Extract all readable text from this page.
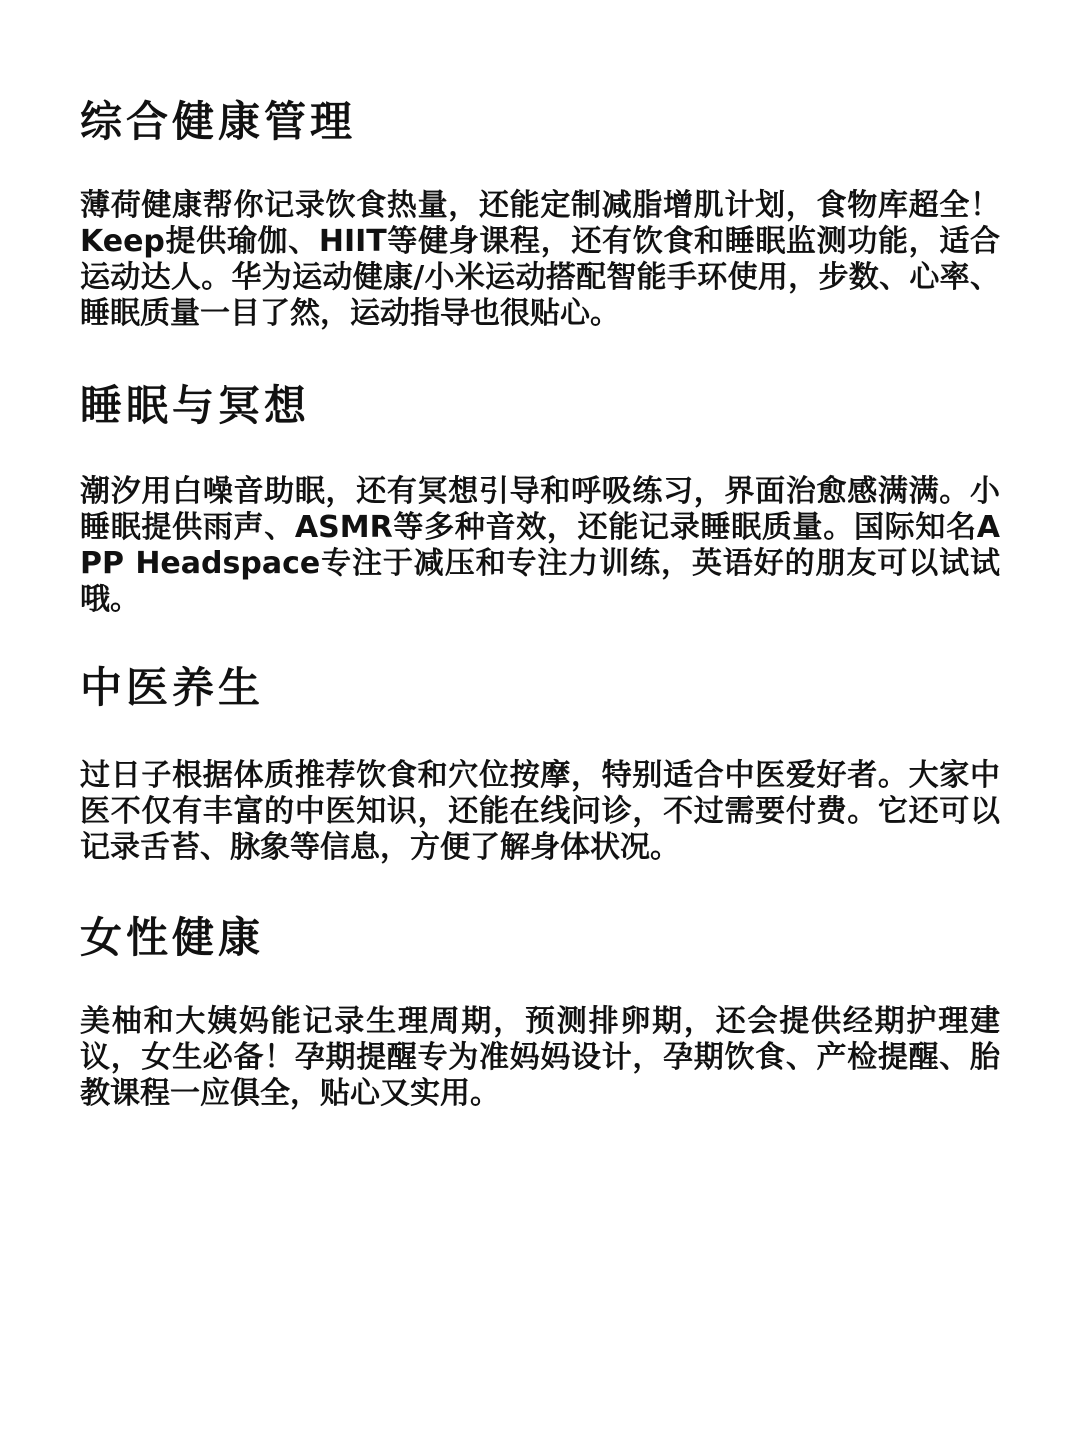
综合健康管理

薄荷健康帮你记录饮食热量，还能定制减脂增肌计划，食物库超全！Keep提供瑜伽、HIIT等健身课程，还有饮食和睡眠监测功能，适合运动达人。华为运动健康/小米运动搭配智能手环使用，步数、心率、睡眠质量一目了然，运动指导也很贴心。

睡眠与冥想

潮汐用白噪音助眠，还有冥想引导和呼吸练习，界面治愈感满满。小睡眠提供雨声、ASMR等多种音效，还能记录睡眠质量。国际知名APP Headspace专注于减压和专注力训练，英语好的朋友可以试试哦。

中医养生

过日子根据体质推荐饮食和穴位按摩，特别适合中医爱好者。大家中医不仅有丰富的中医知识，还能在线问诊，不过需要付费。它还可以记录舌苔、脉象等信息，方便了解身体状况。

女性健康

美柚和大姨妈能记录生理周期，预测排卵期，还会提供经期护理建议，女生必备！孕期提醒专为准妈妈设计，孕期饮食、产检提醒、胎教课程一应俱全，贴心又实用。
